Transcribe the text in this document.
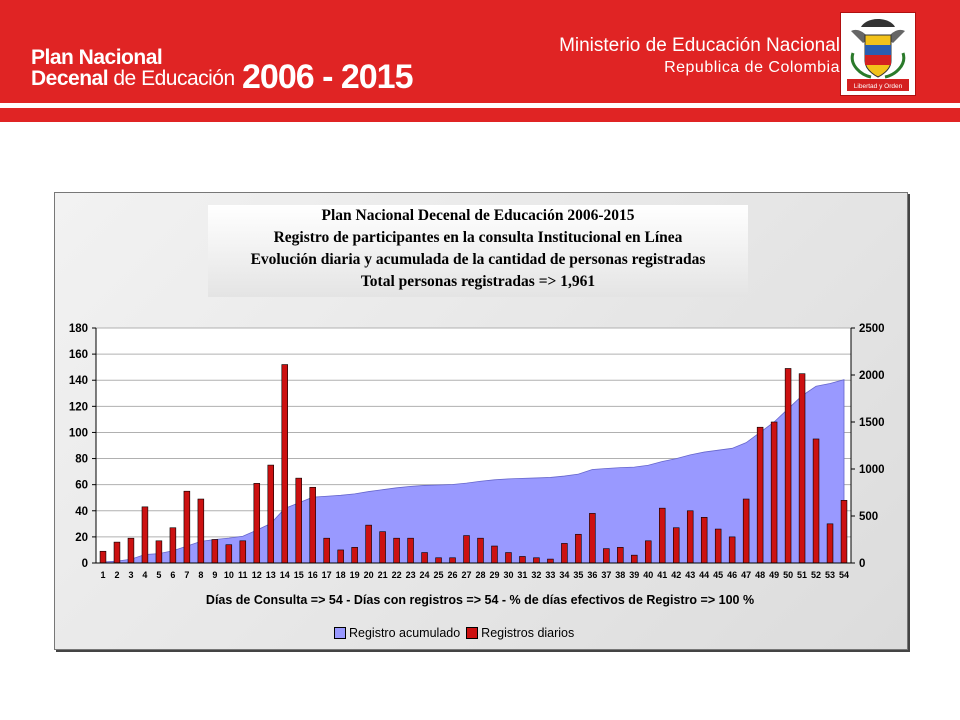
Plan Nacional
Decenal de Educación 2006 - 2015
Ministerio de Educación Nacional
Republica de Colombia
Libertad y Orden
Plan Nacional Decenal de Educación 2006-2015
Registro de participantes en la consulta Institucional en Línea
Evolución diaria y acumulada de la cantidad de personas registradas
Total personas registradas => 1,961
0
20
40
60
80
100
120
140
160
180
0
500
1000
1500
2000
2500
1 2 3 4 5 6 7 8 9 10 11 12 13 14 15 16 17 18 19 20 21 22 23 24 25 26 27 28 29 30 31 32 33 34 35 36 37 38 39 40 41 42 43 44 45 46 47 48 49 50 51 52 53 54
Días de Consulta => 54 - Días con registros => 54 - % de días efectivos de Registro => 100 %
Registro acumulado Registros diarios
